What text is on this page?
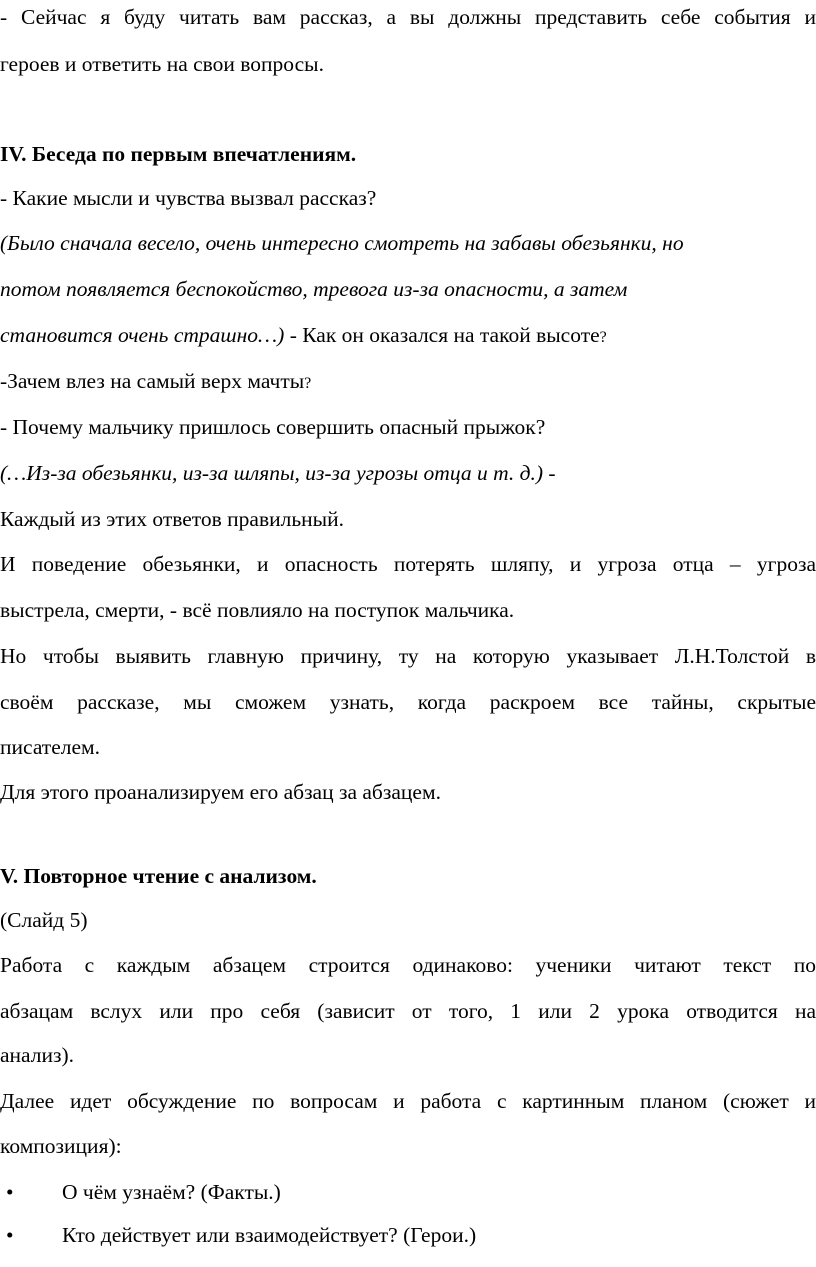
- Сейчас я буду читать вам рассказ, а вы должны представить себе события и
героев и ответить на свои вопросы.
IV. Беседа по первым впечатлениям.
- Какие мысли и чувства вызвал рассказ?
(Было сначала весело, очень интересно смотреть на забавы обезьянки, но
потом появляется беспокойство, тревога из-за опасности, а затем
становится очень страшно…) - Как он оказался на такой высоте?
-Зачем влез на самый верх мачты?
- Почему мальчику пришлось совершить опасный прыжок?
(…Из-за обезьянки, из-за шляпы, из-за угрозы отца и т. д.) -
Каждый из этих ответов правильный.
И поведение обезьянки, и опасность потерять шляпу, и угроза отца – угроза
выстрела, смерти, - всё повлияло на поступок мальчика.
Но чтобы выявить главную причину, ту на которую указывает Л.Н.Толстой в
своём рассказе, мы сможем узнать, когда раскроем все тайны, скрытые
писателем.
Для этого проанализируем его абзац за абзацем.
V. Повторное чтение с анализом.
(Слайд 5)
Работа с каждым абзацем строится одинаково: ученики читают текст по
абзацам вслух или про себя (зависит от того, 1 или 2 урока отводится на
анализ).
Далее идет обсуждение по вопросам и работа с картинным планом (сюжет и
композиция):
• О чём узнаём? (Факты.)
• Кто действует или взаимодействует? (Герои.)
